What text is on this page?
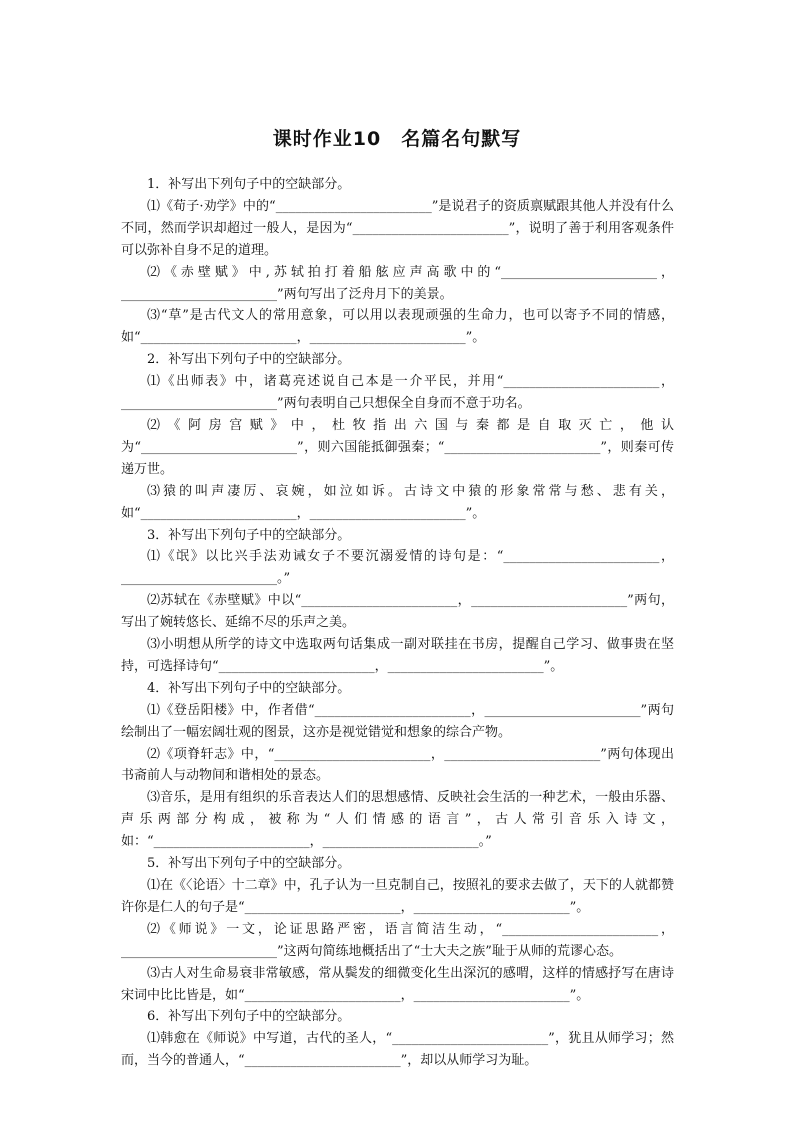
课时作业10　名篇名句默写

1．补写出下列句子中的空缺部分。

⑴《荀子·劝学》中的“________________________”是说君子的资质禀赋跟其他人并没有什么不同，然而学识却超过一般人，是因为“________________________”，说明了善于利用客观条件可以弥补自身不足的道理。

⑵《赤壁赋》中,苏轼拍打着船舷应声高歌中的“________________________，________________________”两句写出了泛舟月下的美景。

⑶“草”是古代文人的常用意象，可以用以表现顽强的生命力，也可以寄予不同的情感，如“________________________，________________________”。

2．补写出下列句子中的空缺部分。

⑴《出师表》中，诸葛亮述说自己本是一介平民，并用“________________________，________________________”两句表明自己只想保全自身而不意于功名。

⑵《阿房宫赋》中，杜牧指出六国与秦都是自取灭亡，他认为“________________________”，则六国能抵御强秦；“________________________”，则秦可传递万世。

⑶猿的叫声凄厉、哀婉，如泣如诉。古诗文中猿的形象常常与愁、悲有关，如“________________________，________________________”。

3．补写出下列句子中的空缺部分。

⑴《氓》以比兴手法劝诫女子不要沉溺爱情的诗句是：“________________________，________________________。”

⑵苏轼在《赤壁赋》中以“________________________，________________________”两句，写出了婉转悠长、延绵不尽的乐声之美。

⑶小明想从所学的诗文中选取两句话集成一副对联挂在书房，提醒自己学习、做事贵在坚持，可选择诗句“________________________，________________________”。

4．补写出下列句子中的空缺部分。

⑴《登岳阳楼》中，作者借“________________________，________________________”两句绘制出了一幅宏阔壮观的图景，这亦是视觉错觉和想象的综合产物。

⑵《项脊轩志》中，“________________________，________________________”两句体现出书斋前人与动物间和谐相处的景态。

⑶音乐，是用有组织的乐音表达人们的思想感情、反映社会生活的一种艺术，一般由乐器、声乐两部分构成，被称为“人们情感的语言”，古人常引音乐入诗文，如：“________________________，________________________。”

5．补写出下列句子中的空缺部分。

⑴在《〈论语〉十二章》中，孔子认为一旦克制自己，按照礼的要求去做了，天下的人就都赞许你是仁人的句子是“________________________，________________________”。

⑵《师说》一文，论证思路严密，语言简洁生动，“________________________，________________________”这两句简练地概括出了“士大夫之族”耻于从师的荒谬心态。

⑶古人对生命易衰非常敏感，常从鬓发的细微变化生出深沉的感喟，这样的情感抒写在唐诗宋词中比比皆是，如“________________________，________________________”。

6．补写出下列句子中的空缺部分。

⑴韩愈在《师说》中写道，古代的圣人，“________________________”，犹且从师学习；然而，当今的普通人，“________________________”，却以从师学习为耻。
